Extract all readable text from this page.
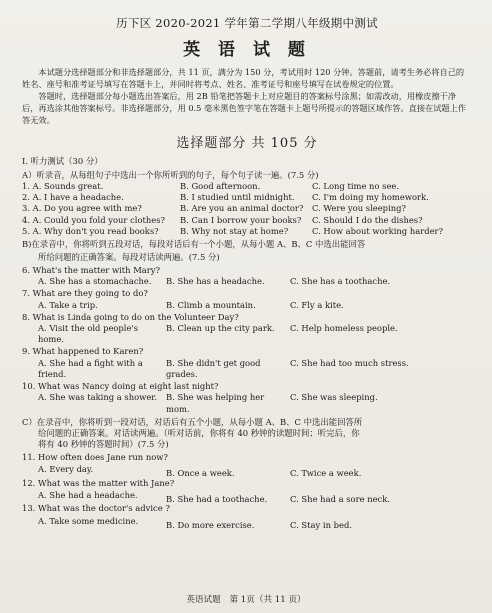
历下区 2020-2021 学年第二学期八年级期中测试
英 语 试 题

本试题分选择题部分和非选择题部分，共 11 页，满分为 150 分，考试用时 120 分钟。答题前，请考生务必将自己的姓名、座号和准考证号填写在答题卡上，并同时将考点、姓名、准考证号和座号填写在试卷规定的位置。

答题时，选择题部分每小题选出答案后，用 2B 铅笔把答题卡上对应题目的答案标号涂黑；如需改动，用橡皮擦干净后，再选涂其他答案标号。非选择题部分，用 0.5 毫米黑色签字笔在答题卡上题号所提示的答题区域作答。直接在试题上作答无效。

选择题部分 共 105 分
I. 听力测试（30 分）
A）听录音，从每组句子中选出一个你所听到的句子，每个句子读一遍。(7.5 分)
1. A. Sounds great.	B. Good afternoon.	C. Long time no see.
2. A. I have a headache.	B. I studied until midnight.	C. I'm doing my homework.
3. A. Do you agree with me?	B. Are you an animal doctor?	C. Were you sleeping?
4. A. Could you fold your clothes?	B. Can I borrow your books?	C. Should I do the dishes?
5. A. Why don't you read books?	B. Why not stay at home?	C. How about working harder?
B)在录音中，你将听到五段对话，每段对话后有一个小题，从每小题 A、B、C 中选出能回答
所给问题的正确答案。每段对话读两遍。(7.5 分)
6. What's the matter with Mary?
A. She has a stomachache.	B. She has a headache.	C. She has a toothache.
7. What are they going to do?
A. Take a trip.	B. Climb a mountain.	C. Fly a kite.
8. What is Linda going to do on the Volunteer Day?
A. Visit the old people's home.
B. Clean up the city park.	C. Help homeless people.
9. What happened to Karen?
A. She had a fight with a friend.
B. She didn't get good grades.
C. She had too much stress.
10. What was Nancy doing at eight last night?
A. She was taking a shower.	B. She was helping her mom.
C. She was sleeping.
C）在录音中，你将听到一段对话，对话后有五个小题，从每小题 A、B、C 中选出能回答所
给问题的正确答案。对话读两遍。（听对话前，你将有 40 秒钟的读题时间；听完后，你
将有 40 秒钟的答题时间）(7.5 分)
11. How often does Jane run now?
A. Every day.	B. Once a week.	C. Twice a week.
12. What was the matter with Jane?
A. She had a headache.	B. She had a toothache.	C. She had a sore neck.
13. What was the doctor's advice ?
A. Take some medicine.	B. Do more exercise.	C. Stay in bed.
英语试题 第 1页（共 11 页）
